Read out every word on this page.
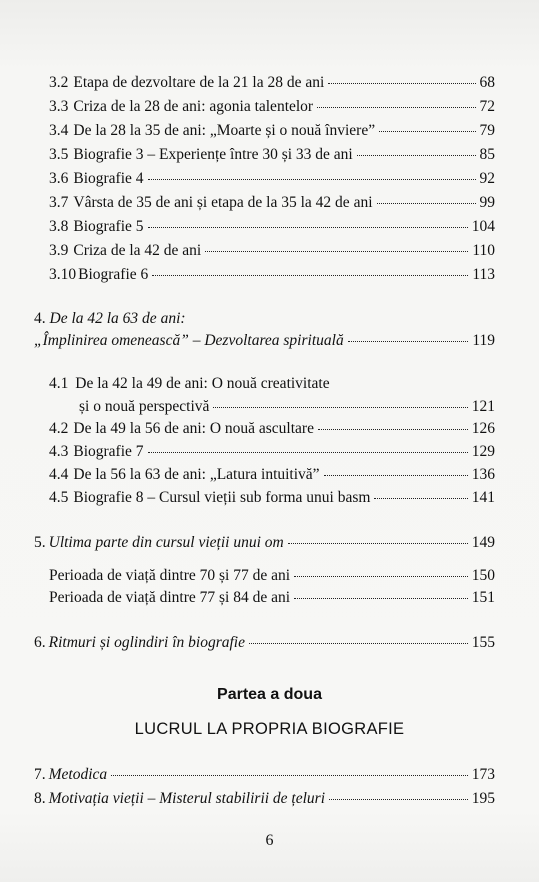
3.2 Etapa de dezvoltare de la 21 la 28 de ani	68
3.3 Criza de la 28 de ani: agonia talentelor	72
3.4 De la 28 la 35 de ani: „Moarte și o nouă înviere”	79
3.5 Biografie 3 – Experiențe între 30 și 33 de ani	85
3.6 Biografie 4	92
3.7 Vârsta de 35 de ani și etapa de la 35 la 42 de ani	99
3.8 Biografie 5	104
3.9 Criza de la 42 de ani	110
3.10 Biografie 6	113
4. De la 42 la 63 de ani:
„Împlinirea omenească” – Dezvoltarea spirituală	119
4.1 De la 42 la 49 de ani: O nouă creativitate
și o nouă perspectivă	121
4.2 De la 49 la 56 de ani: O nouă ascultare	126
4.3 Biografie 7	129
4.4 De la 56 la 63 de ani: „Latura intuitivă”	136
4.5 Biografie 8 – Cursul vieții sub forma unui basm	141
5. Ultima parte din cursul vieții unui om	149
Perioada de viață dintre 70 și 77 de ani	150
Perioada de viață dintre 77 și 84 de ani	151
6. Ritmuri și oglindiri în biografie	155
Partea a doua
LUCRUL LA PROPRIA BIOGRAFIE
7. Metodica	173
8. Motivația vieții – Misterul stabilirii de țeluri	195
6
